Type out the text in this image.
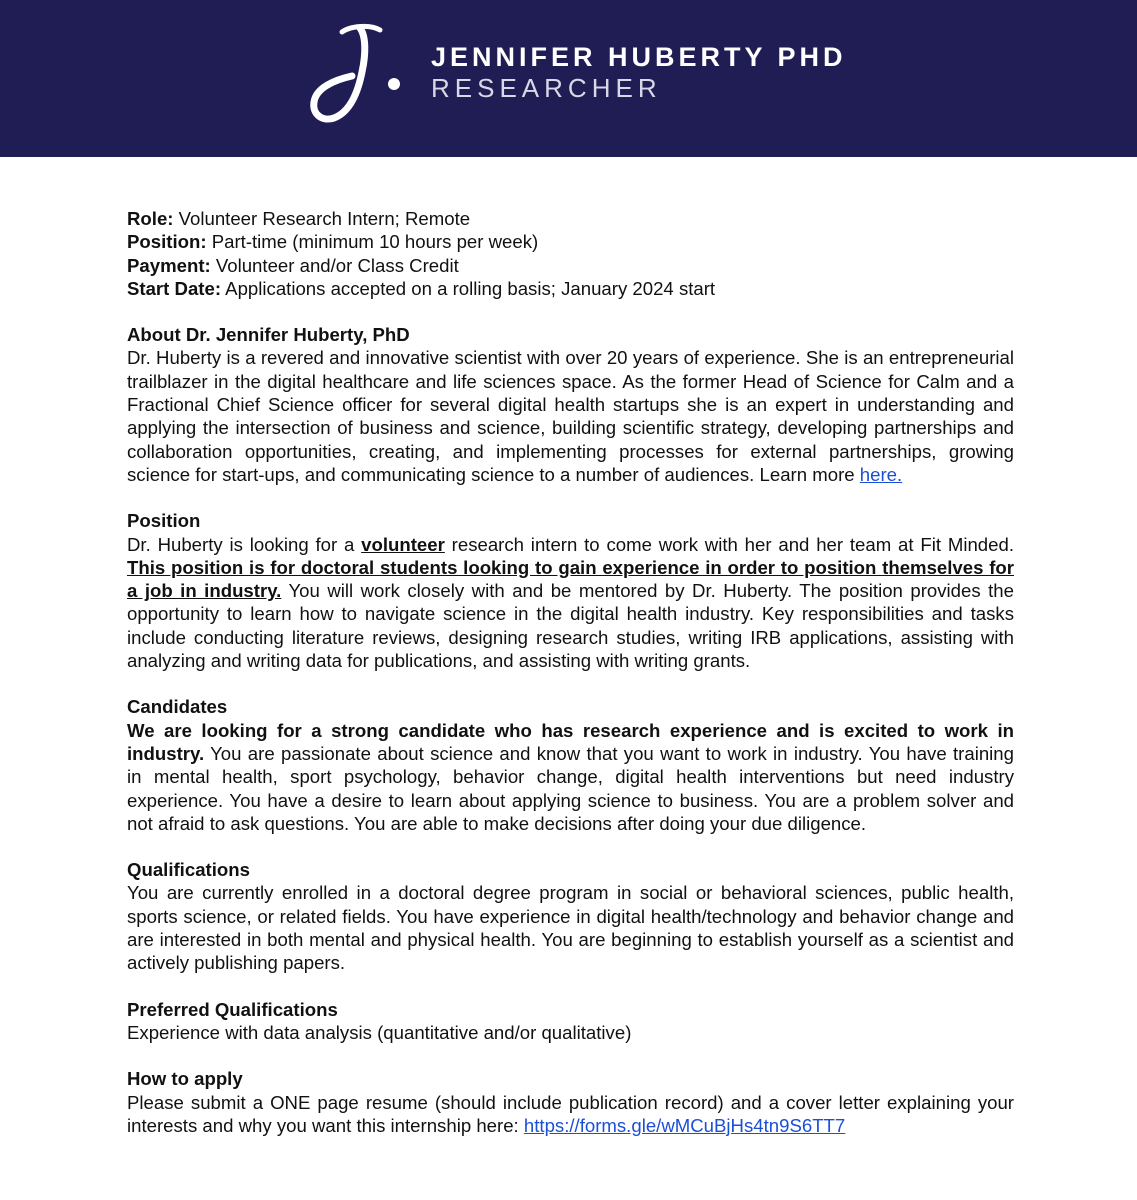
JENNIFER HUBERTY PHD
RESEARCHER
Role: Volunteer Research Intern; Remote
Position: Part-time (minimum 10 hours per week)
Payment: Volunteer and/or Class Credit
Start Date: Applications accepted on a rolling basis; January 2024 start
About Dr. Jennifer Huberty, PhD
Dr. Huberty is a revered and innovative scientist with over 20 years of experience. She is an entrepreneurial trailblazer in the digital healthcare and life sciences space. As the former Head of Science for Calm and a Fractional Chief Science officer for several digital health startups she is an expert in understanding and applying the intersection of business and science, building scientific strategy, developing partnerships and collaboration opportunities, creating, and implementing processes for external partnerships, growing science for start-ups, and communicating science to a number of audiences. Learn more here.
Position
Dr. Huberty is looking for a volunteer research intern to come work with her and her team at Fit Minded. This position is for doctoral students looking to gain experience in order to position themselves for a job in industry. You will work closely with and be mentored by Dr. Huberty. The position provides the opportunity to learn how to navigate science in the digital health industry. Key responsibilities and tasks include conducting literature reviews, designing research studies, writing IRB applications, assisting with analyzing and writing data for publications, and assisting with writing grants.
Candidates
We are looking for a strong candidate who has research experience and is excited to work in industry. You are passionate about science and know that you want to work in industry. You have training in mental health, sport psychology, behavior change, digital health interventions but need industry experience. You have a desire to learn about applying science to business. You are a problem solver and not afraid to ask questions. You are able to make decisions after doing your due diligence.
Qualifications
You are currently enrolled in a doctoral degree program in social or behavioral sciences, public health, sports science, or related fields. You have experience in digital health/technology and behavior change and are interested in both mental and physical health. You are beginning to establish yourself as a scientist and actively publishing papers.
Preferred Qualifications
Experience with data analysis (quantitative and/or qualitative)
How to apply
Please submit a ONE page resume (should include publication record) and a cover letter explaining your interests and why you want this internship here: https://forms.gle/wMCuBjHs4tn9S6TT7
